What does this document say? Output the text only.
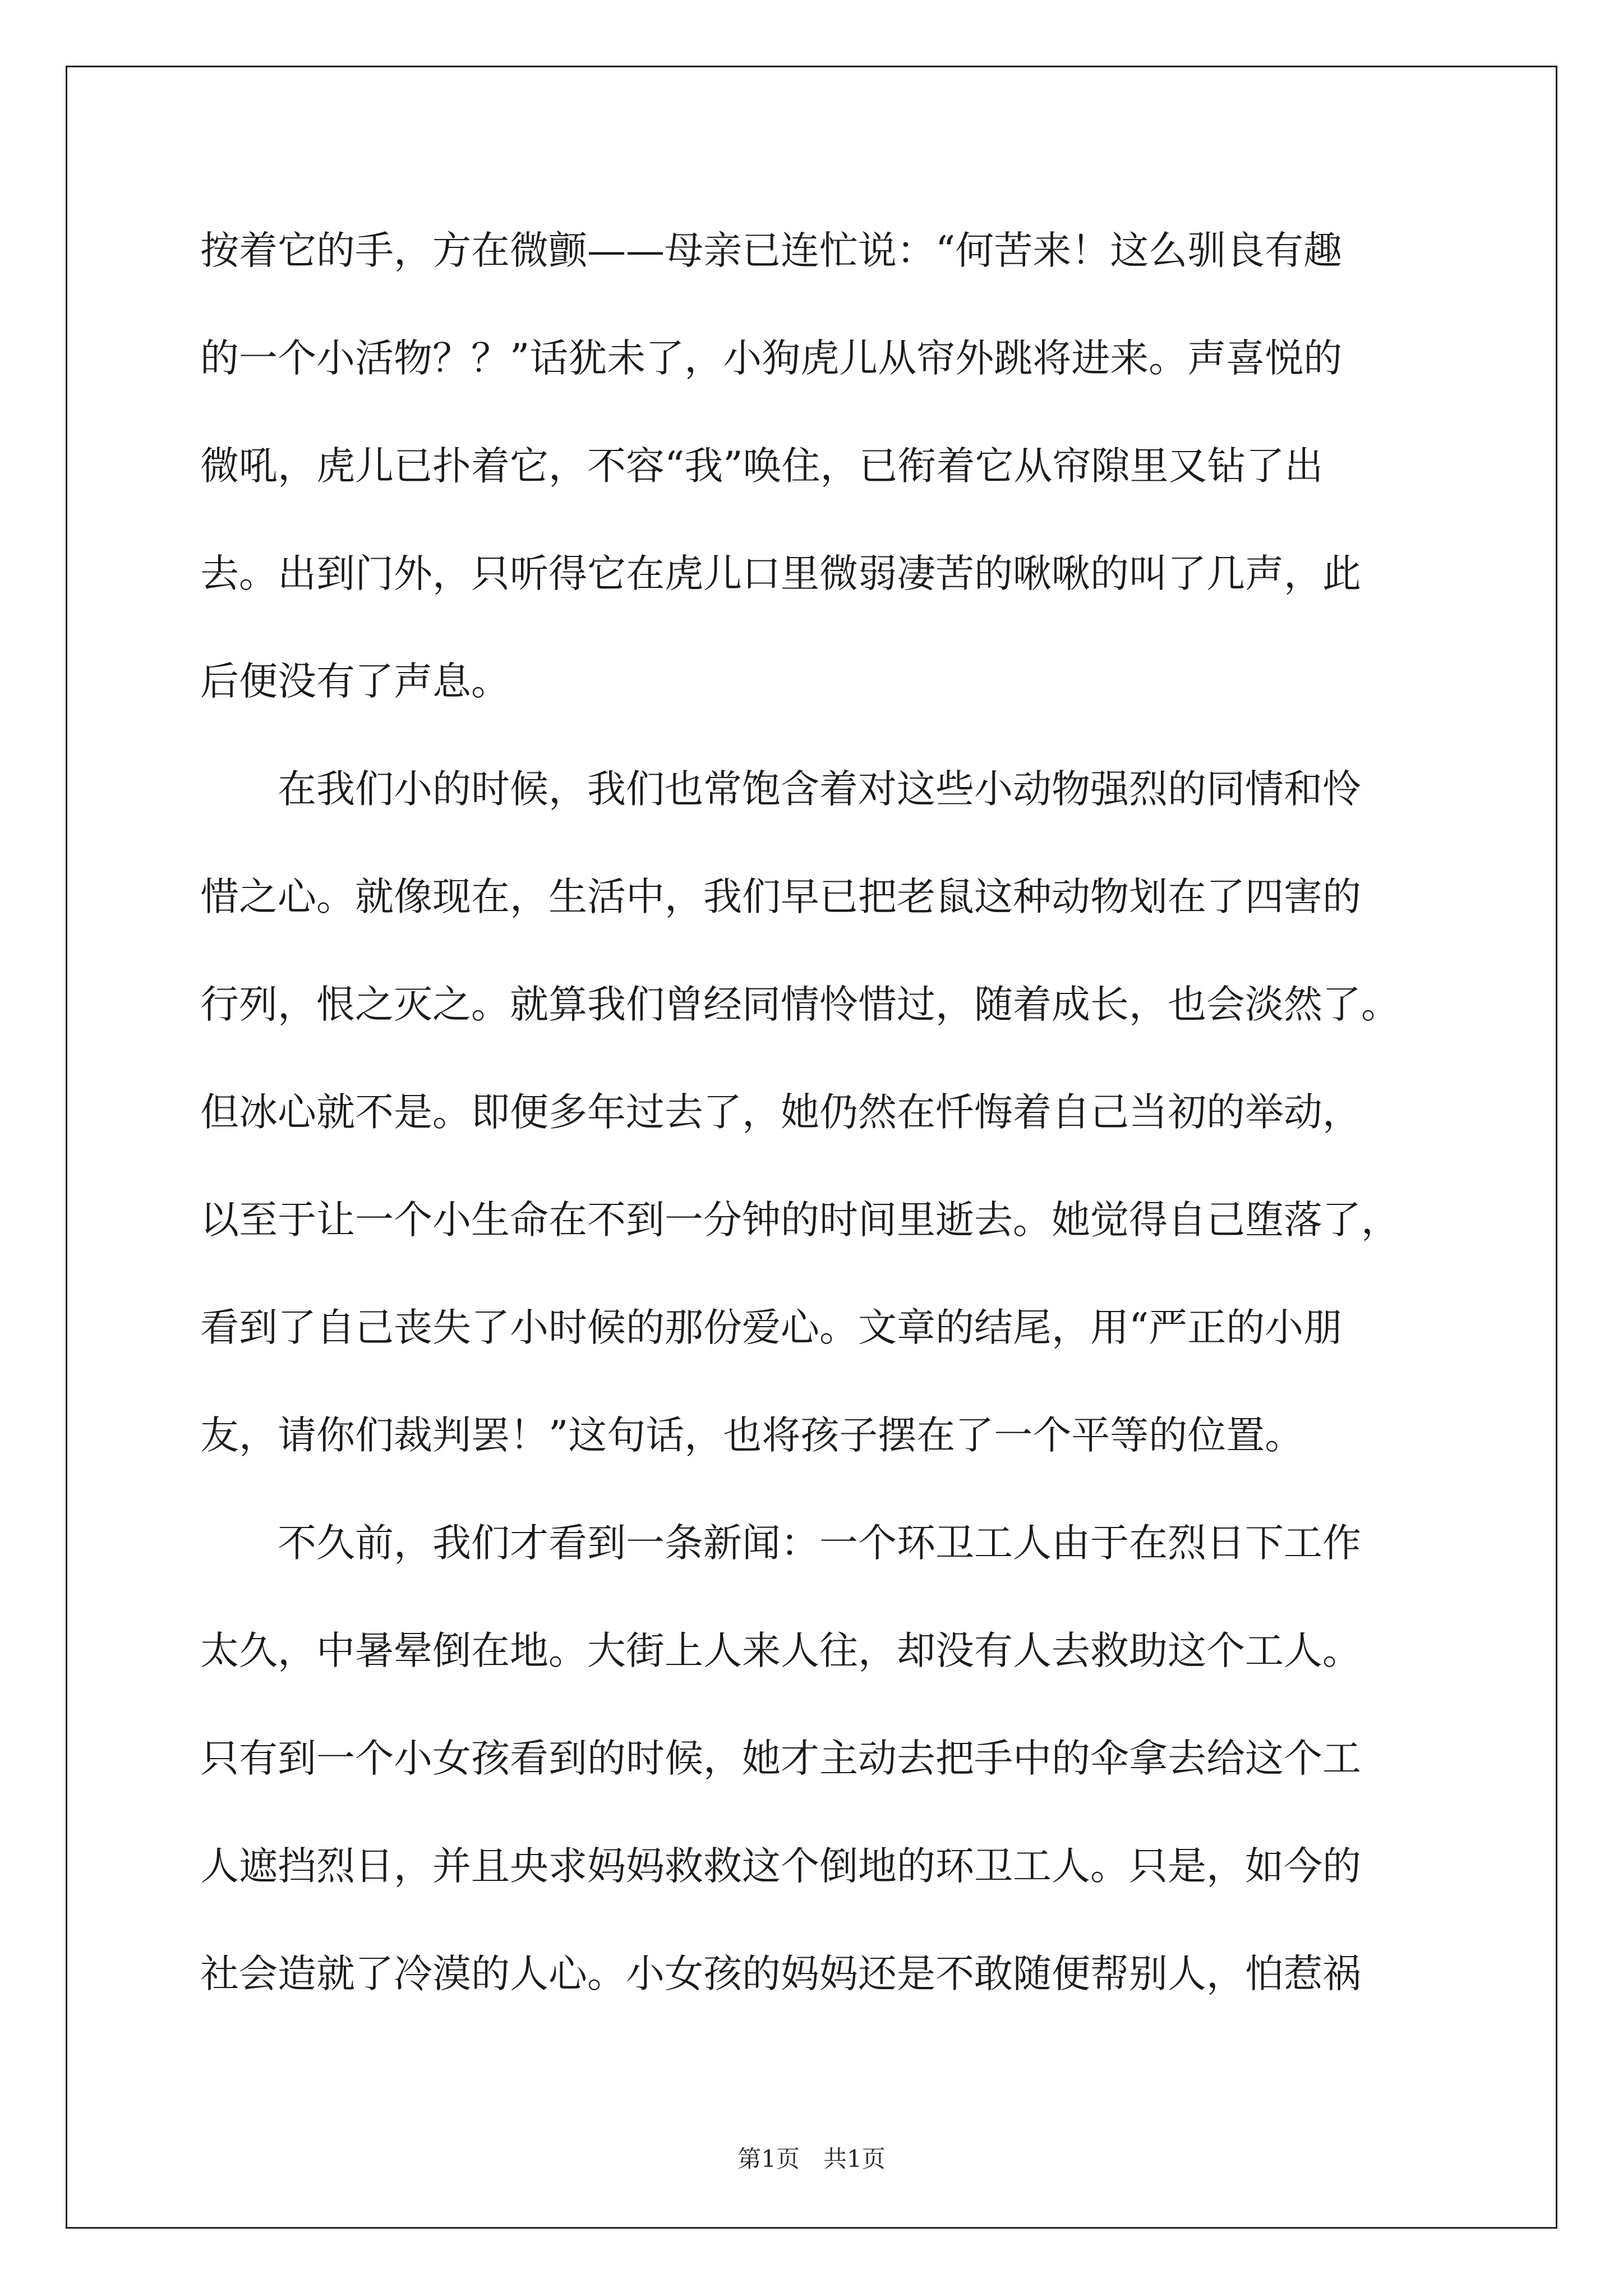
按着它的手，方在微颤——母亲已连忙说：“何苦来！这么驯良有趣
的一个小活物？？”话犹未了，小狗虎儿从帘外跳将进来。声喜悦的
微吼，虎儿已扑着它，不容“我”唤住，已衔着它从帘隙里又钻了出
去。出到门外，只听得它在虎儿口里微弱凄苦的啾啾的叫了几声，此
后便没有了声息。
　　在我们小的时候，我们也常饱含着对这些小动物强烈的同情和怜
惜之心。就像现在，生活中，我们早已把老鼠这种动物划在了四害的
行列，恨之灭之。就算我们曾经同情怜惜过，随着成长，也会淡然了。
但冰心就不是。即便多年过去了，她仍然在忏悔着自己当初的举动，
以至于让一个小生命在不到一分钟的时间里逝去。她觉得自己堕落了，
看到了自己丧失了小时候的那份爱心。文章的结尾，用“严正的小朋
友，请你们裁判罢！”这句话，也将孩子摆在了一个平等的位置。
　　不久前，我们才看到一条新闻：一个环卫工人由于在烈日下工作
太久，中暑晕倒在地。大街上人来人往，却没有人去救助这个工人。
只有到一个小女孩看到的时候，她才主动去把手中的伞拿去给这个工
人遮挡烈日，并且央求妈妈救救这个倒地的环卫工人。只是，如今的
社会造就了冷漠的人心。小女孩的妈妈还是不敢随便帮别人，怕惹祸
第1页　共1页
